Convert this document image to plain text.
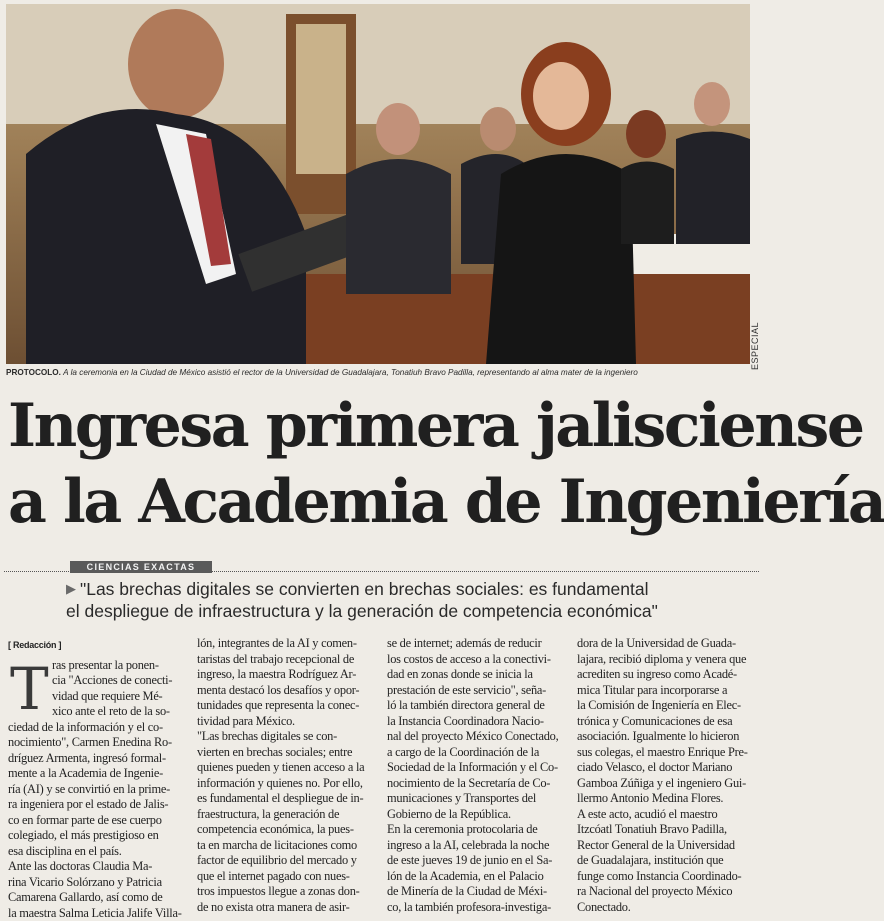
ESPECIAL
PROTOCOLO. A la ceremonia en la Ciudad de México asistió el rector de la Universidad de Guadalajara, Tonatiuh Bravo Padilla, representando al alma mater de la ingeniero
Ingresa primera jalisciense
a la Academia de Ingeniería
CIENCIAS EXACTAS
▶ "Las brechas digitales se convierten en brechas sociales: es fundamental
el despliegue de infraestructura y la generación de competencia económica"
[ Redacción ]
T ras presentar la ponen-
cia "Acciones de conecti-
vidad que requiere Mé-
xico ante el reto de la so-
ciedad de la información y el co-
nocimiento", Carmen Enedina Ro-
dríguez Armenta, ingresó formal-
mente a la Academia de Ingenie-
ría (AI) y se convirtió en la prime-
ra ingeniera por el estado de Jalis-
co en formar parte de ese cuerpo
colegiado, el más prestigioso en
esa disciplina en el país.
Ante las doctoras Claudia Ma-
rina Vicario Solórzano y Patricia
Camarena Gallardo, así como de
la maestra Salma Leticia Jalife Villa-
lón, integrantes de la AI y comen-
taristas del trabajo recepcional de
ingreso, la maestra Rodríguez Ar-
menta destacó los desafíos y opor-
tunidades que representa la conec-
tividad para México.
"Las brechas digitales se con-
vierten en brechas sociales; entre
quienes pueden y tienen acceso a la
información y quienes no. Por ello,
es fundamental el despliegue de in-
fraestructura, la generación de
competencia económica, la pues-
ta en marcha de licitaciones como
factor de equilibrio del mercado y
que el internet pagado con nues-
tros impuestos llegue a zonas don-
de no exista otra manera de asir-
se de internet; además de reducir
los costos de acceso a la conectivi-
dad en zonas donde se inicia la
prestación de este servicio", seña-
ló la también directora general de
la Instancia Coordinadora Nacio-
nal del proyecto México Conectado,
a cargo de la Coordinación de la
Sociedad de la Información y el Co-
nocimiento de la Secretaría de Co-
municaciones y Transportes del
Gobierno de la República.
En la ceremonia protocolaria de
ingreso a la AI, celebrada la noche
de este jueves 19 de junio en el Sa-
lón de la Academia, en el Palacio
de Minería de la Ciudad de Méxi-
co, la también profesora-investiga-
dora de la Universidad de Guada-
lajara, recibió diploma y venera que
acrediten su ingreso como Acadé-
mica Titular para incorporarse a
la Comisión de Ingeniería en Elec-
trónica y Comunicaciones de esa
asociación. Igualmente lo hicieron
sus colegas, el maestro Enrique Pre-
ciado Velasco, el doctor Mariano
Gamboa Zúñiga y el ingeniero Gui-
llermo Antonio Medina Flores.
A este acto, acudió el maestro
Itzcóatl Tonatiuh Bravo Padilla,
Rector General de la Universidad
de Guadalajara, institución que
funge como Instancia Coordinado-
ra Nacional del proyecto México
Conectado.
